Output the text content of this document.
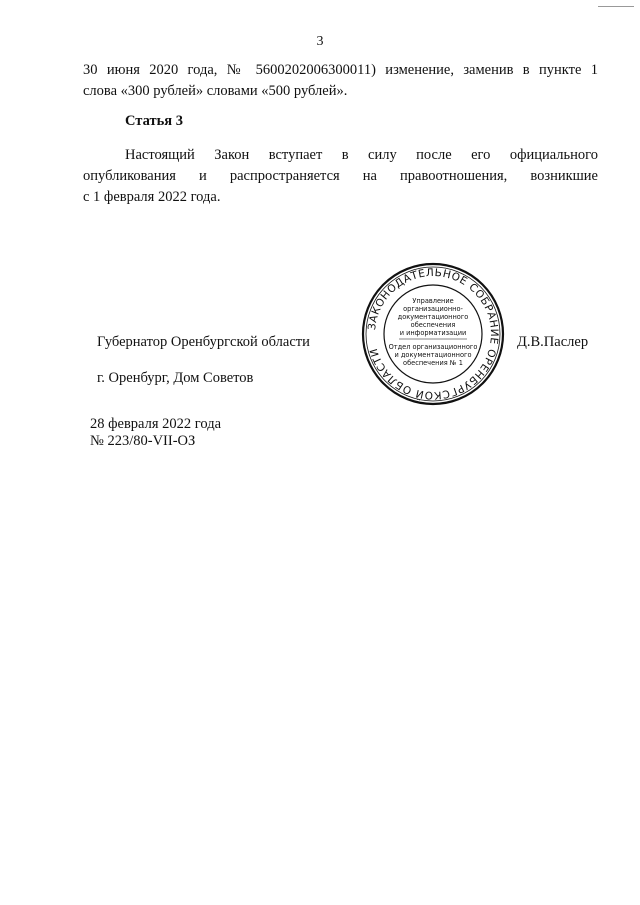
3
30 июня 2020 года, № 5600202006300011) изменение, заменив в пункте 1
слова «300 рублей» словами «500 рублей».
Статья 3
Настоящий Закон вступает в силу после его официального
опубликования и распространяется на правоотношения, возникшие
с 1 февраля 2022 года.
Губернатор Оренбургской области	Д.В.Паслер
г. Оренбург, Дом Советов
ЗАКОНОДАТЕЛЬНОЕ СОБРАНИЕ ОРЕНБУРГСКОЙ ОБЛАСТИ
Управление
организационно-
документационного
обеспечения
и информатизации
Отдел организационного
и документационного
обеспечения № 1
28 февраля 2022 года
№ 223/80-VII-ОЗ
